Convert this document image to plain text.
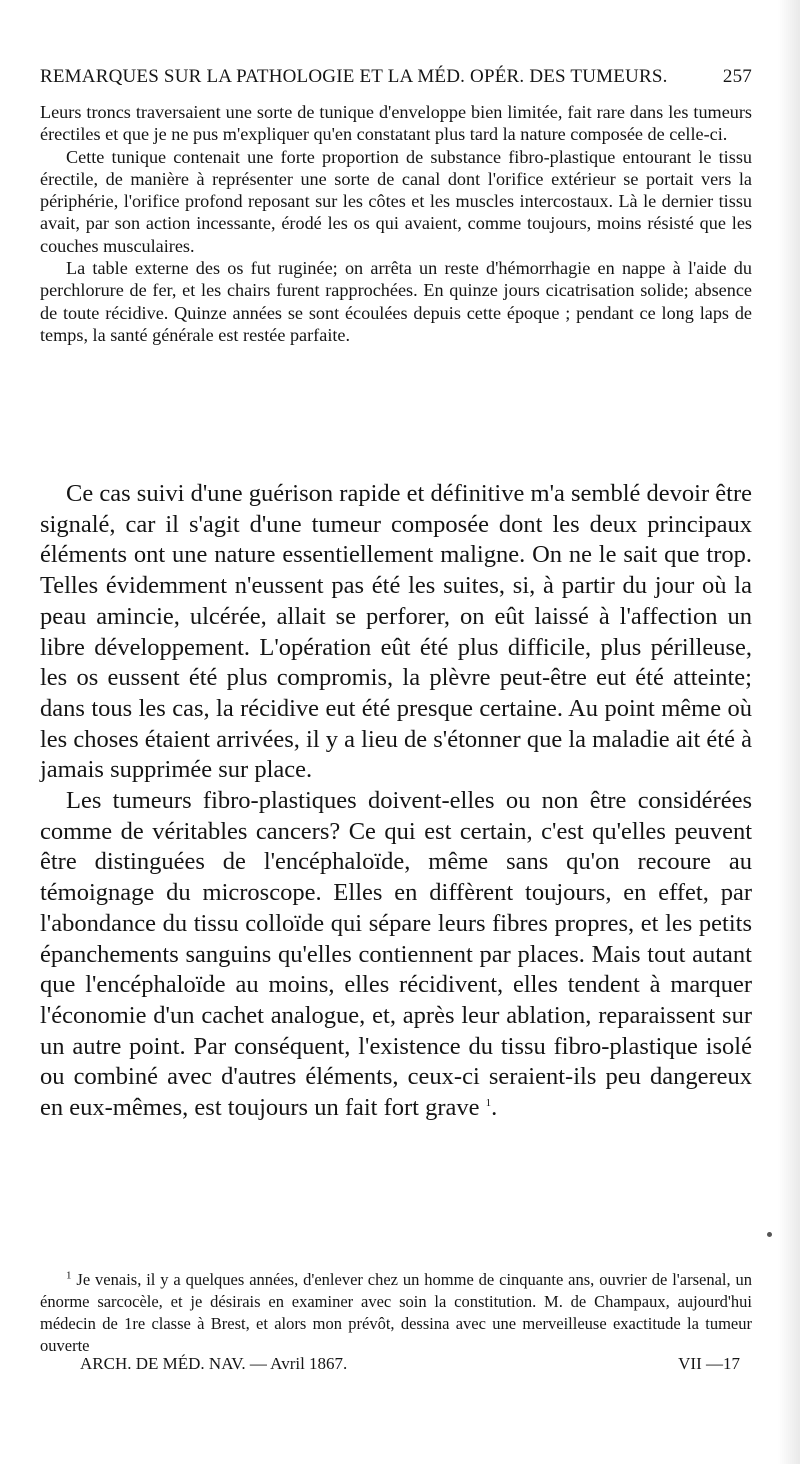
REMARQUES SUR LA PATHOLOGIE ET LA MÉD. OPÉR. DES TUMEURS.	257

Leurs troncs traversaient une sorte de tunique d'enveloppe bien limitée, fait rare dans les tumeurs érectiles et que je ne pus m'expliquer qu'en constatant plus tard la nature composée de celle-ci.

Cette tunique contenait une forte proportion de substance fibro-plastique entourant le tissu érectile, de manière à représenter une sorte de canal dont l'orifice extérieur se portait vers la périphérie, l'orifice profond reposant sur les côtes et les muscles intercostaux. Là le dernier tissu avait, par son action incessante, érodé les os qui avaient, comme toujours, moins résisté que les couches musculaires.

La table externe des os fut ruginée; on arrêta un reste d'hémorrhagie en nappe à l'aide du perchlorure de fer, et les chairs furent rapprochées. En quinze jours cicatrisation solide; absence de toute récidive. Quinze années se sont écoulées depuis cette époque ; pendant ce long laps de temps, la santé générale est restée parfaite.

Ce cas suivi d'une guérison rapide et définitive m'a semblé devoir être signalé, car il s'agit d'une tumeur composée dont les deux principaux éléments ont une nature essentiellement maligne. On ne le sait que trop. Telles évidemment n'eussent pas été les suites, si, à partir du jour où la peau amincie, ulcérée, allait se perforer, on eût laissé à l'affection un libre développement. L'opération eût été plus difficile, plus périlleuse, les os eussent été plus compromis, la plèvre peut-être eut été atteinte; dans tous les cas, la récidive eut été presque certaine. Au point même où les choses étaient arrivées, il y a lieu de s'étonner que la maladie ait été à jamais supprimée sur place.

Les tumeurs fibro-plastiques doivent-elles ou non être considérées comme de véritables cancers? Ce qui est certain, c'est qu'elles peuvent être distinguées de l'encéphaloïde, même sans qu'on recoure au témoignage du microscope. Elles en diffèrent toujours, en effet, par l'abondance du tissu colloïde qui sépare leurs fibres propres, et les petits épanchements sanguins qu'elles contiennent par places. Mais tout autant que l'encéphaloïde au moins, elles récidivent, elles tendent à marquer l'économie d'un cachet analogue, et, après leur ablation, reparaissent sur un autre point. Par conséquent, l'existence du tissu fibro-plastique isolé ou combiné avec d'autres éléments, ceux-ci seraient-ils peu dangereux en eux-mêmes, est toujours un fait fort grave $^1$.

$^1$ Je venais, il y a quelques années, d'enlever chez un homme de cinquante ans, ouvrier de l'arsenal, un énorme sarcocèle, et je désirais en examiner avec soin la constitution. M. de Champaux, aujourd'hui médecin de 1re classe à Brest, et alors mon prévôt, dessina avec une merveilleuse exactitude la tumeur ouverte

ARCH. DE MÉD. NAV. — Avril 1867.	VII —17
